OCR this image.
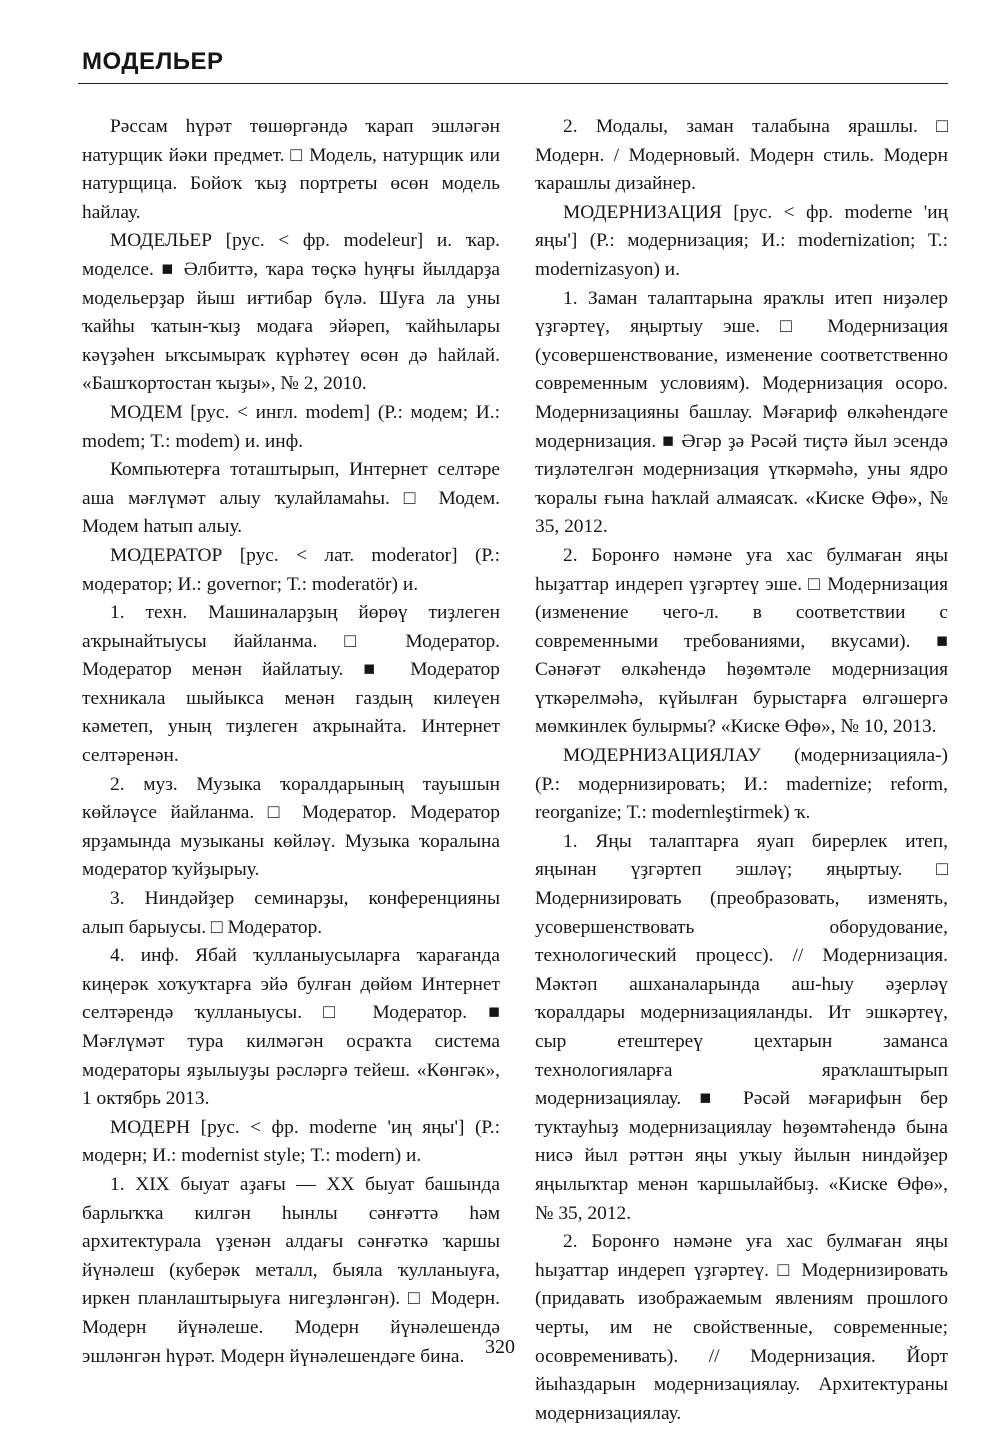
МОДЕЛЬЕР

Рәссам һүрәт төшөргәндә ҡарап эшләгән натурщик йәки предмет. □ Модель, натурщик или натурщица. Бойоҡ ҡыҙ портреты өсөн модель һайлау.

МОДЕЛЬЕР [рус. < фр. modeleur] и. ҡар. моделсе. ■ Әлбиттә, ҡара төҫкә һуңғы йылдарҙа модельерҙар йыш иғтибар бүлә. Шуға ла уны ҡайһы ҡатын-ҡыҙ модаға эйәреп, ҡайһылары кәүҙәһен ыҡсымыраҡ күрһәтеү өсөн дә һайлай. «Башҡортостан ҡыҙы», № 2, 2010.

МОДЕМ [рус. < ингл. modem] (Р.: модем; И.: modem; Т.: modem) и. инф.

Компьютерға тоташтырып, Интернет селтәре аша мәғлүмәт алыу ҡулайламаһы. □ Модем. Модем һатып алыу.

МОДЕРАТОР [рус. < лат. moderator] (Р.: модератор; И.: governor; Т.: moderatör) и.

1. техн. Машиналарҙың йөрөү тиҙлеген аҡрынайтыусы йайланма. □ Модератор. Модератор менән йайлатыу. ■ Модератор техникала шыйыкса менән газдың килеүен кәметеп, уның тиҙлеген аҡрынайта. Интернет селтәренән.

2. муз. Музыка ҡоралдарының тауышын көйләүсе йайланма. □ Модератор. Модератор ярҙамында музыканы көйләү. Музыка ҡоралына модератор ҡуйҙырыу.

3. Ниндәйҙер семинарҙы, конференцияны алып барыусы. □ Модератор.

4. инф. Ябай ҡулланыусыларға ҡарағанда киңерәк хоҡуҡтарға эйә булған дөйөм Интернет селтәрендә ҡулланыусы. □ Модератор. ■ Мәғлүмәт тура килмәгән осраҡта система модераторы яҙылыуҙы рәсләргә тейеш. «Көнгәк», 1 октябрь 2013.

МОДЕРН [рус. < фр. moderne 'иң яңы'] (Р.: модерн; И.: modernist style; Т.: modern) и.

1. XIX быуат аҙағы — XX быуат башында барлыҡҡа килгән һынлы сәнғәттә һәм архитектурала үҙенән алдағы сәнғәткә ҡаршы йүнәлеш (куберәк металл, быяла ҡулланыуға, иркен планлаштырыуға нигеҙләнгән). □ Модерн. Модерн йүнәлеше. Модерн йүнәлешендә эшләнгән һүрәт. Модерн йүнәлешендәге бина.

2. Модалы, заман талабына ярашлы. □ Модерн. / Модерновый. Модерн стиль. Модерн ҡарашлы дизайнер.

МОДЕРНИЗАЦИЯ [рус. < фр. moderne 'иң яңы'] (Р.: модернизация; И.: modernization; Т.: modernizasyon) и.

1. Заман талаптарына яраҡлы итеп ниҙәлер үҙгәртеү, яңыртыу эше. □ Модернизация (усовершенствование, изменение соответственно современным условиям). Модернизация осоро. Модернизацияны башлау. Мәғариф өлкәһендәге модернизация. ■ Әгәр ҙә Рәсәй тиҫтә йыл эсендә тиҙләтелгән модернизация үткәрмәһә, уны ядро ҡоралы ғына һаҡлай алмаясаҡ. «Киске Өфө», № 35, 2012.

2. Боронғо нәмәне уға хас булмаған яңы һыҙаттар индереп үҙгәртеү эше. □ Модернизация (изменение чего-л. в соответствии с современными требованиями, вкусами). ■ Сәнәғәт өлкәһендә һөҙөмтәле модернизация үткәрелмәһә, күйылған бурыстарға өлгәшергә мөмкинлек булырмы? «Киске Өфө», № 10, 2013.

МОДЕРНИЗАЦИЯЛАУ (модернизацияла-) (Р.: модернизировать; И.: madernize; reform, reorganize; Т.: modernleştirmek) ҡ.

1. Яңы талаптарға яуап бирерлек итеп, яңынан үҙгәртеп эшләү; яңыртыу. □ Модернизировать (преобразовать, изменять, усовершенствовать оборудование, технологический процесс). // Модернизация. Мәктәп ашханаларында аш-һыу әҙерләү ҡоралдары модернизацияланды. Ит эшкәртеү, сыр етештереү цехтарын заманса технологияларға яраҡлаштырып модернизациялау. ■ Рәсәй мәғарифын бер туктауһыҙ модернизациялау һөҙөмтәһендә бына нисә йыл рәттән яңы уҡыу йылын ниндәйҙер яңылыҡтар менән ҡаршылайбыҙ. «Киске Өфө», № 35, 2012.

2. Боронғо нәмәне уға хас булмаған яңы һыҙаттар индереп үҙгәртеү. □ Модернизировать (придавать изображаемым явлениям прошлого черты, им не свойственные, современные; осовременивать). // Модернизация. Йорт йыһаздарын модернизациялау. Архитектураны модернизациялау.

320
